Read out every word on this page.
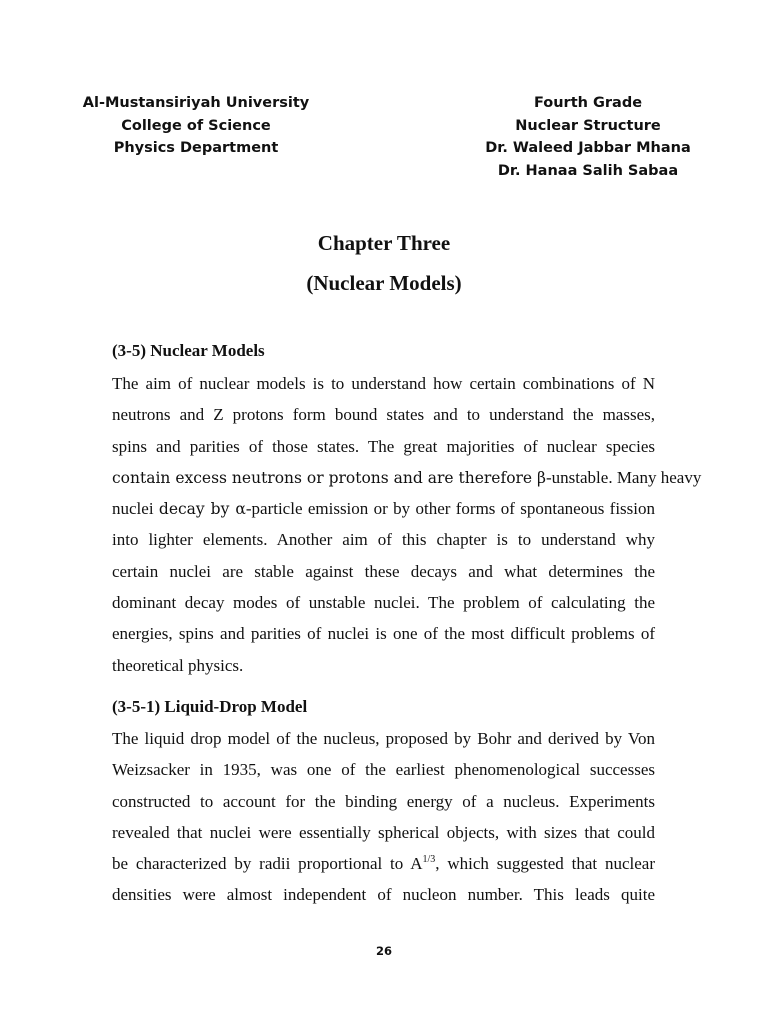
Al-Mustansiriyah University
College of Science
Physics Department
Fourth Grade
Nuclear Structure
Dr. Waleed Jabbar Mhana
Dr. Hanaa Salih Sabaa
Chapter Three
(Nuclear Models)
(3-5) Nuclear Models
The aim of nuclear models is to understand how certain combinations of N
neutrons and Z protons form bound states and to understand the masses,
spins and parities of those states. The great majorities of nuclear species
contain excess neutrons or protons and are therefore β-unstable. Many heavy
nuclei decay by α-particle emission or by other forms of spontaneous fission
into lighter elements. Another aim of this chapter is to understand why
certain nuclei are stable against these decays and what determines the
dominant decay modes of unstable nuclei. The problem of calculating the
energies, spins and parities of nuclei is one of the most difficult problems of
theoretical physics.
(3-5-1) Liquid-Drop Model
The liquid drop model of the nucleus, proposed by Bohr and derived by Von
Weizsacker in 1935, was one of the earliest phenomenological successes
constructed to account for the binding energy of a nucleus. Experiments
revealed that nuclei were essentially spherical objects, with sizes that could
be characterized by radii proportional to $A^{1/3}$, which suggested that nuclear
densities were almost independent of nucleon number. This leads quite
26
